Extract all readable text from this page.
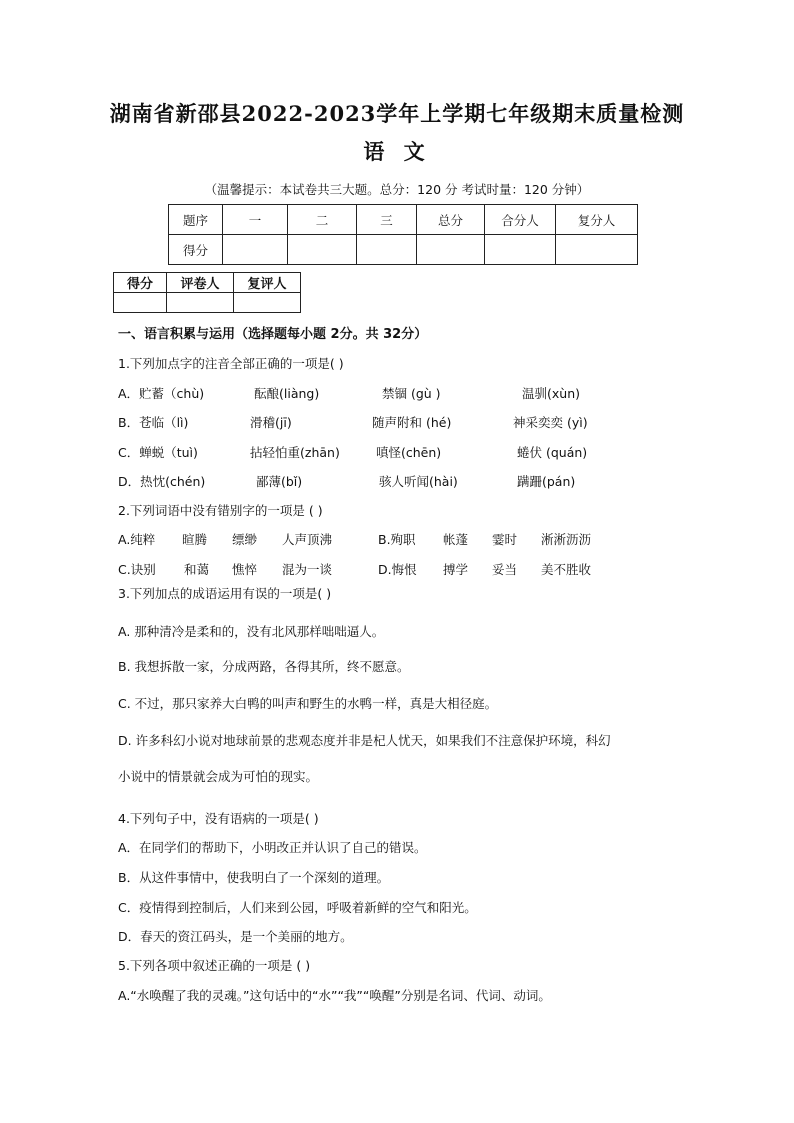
湖南省新邵县2022-2023学年上学期七年级期末质量检测
语 文
（温馨提示：本试卷共三大题。总分：120 分 考试时量：120 分钟）
题序	一	二	三	总分	合分人	复分人
得分						
得分	评卷人	复评人

一、语言积累与运用（选择题每小题 2分。共 32分）
1.下列加点字的注音全部正确的一项是( )
A．贮蓄（chù)	酝酿(liàng)	禁锢 (gù )	温驯(xùn)
B．苍临（lì)	滑稽(jī)	随声附和 (hé)	神采奕奕 (yì)
C．蝉蜕（tuì)	拈轻怕重(zhān)	嗔怪(chēn)	蜷伏 (quán)
D．热忱(chén)	鄙薄(bǐ)	骇人听闻(hài)	蹒跚(pán)
2.下列词语中没有错别字的一项是 ( )
A.纯粹 暄腾 缥缈 人声顶沸	B.殉职 帐蓬 霎时 淅淅沥沥
C.诀别 和蔼 憔悴 混为一谈	D.悔恨 搏学 妥当 美不胜收
3.下列加点的成语运用有误的一项是( )
A. 那种清冷是柔和的，没有北风那样咄咄逼人。
B. 我想拆散一家，分成两路，各得其所，终不愿意。
C. 不过，那只家养大白鸭的叫声和野生的水鸭一样，真是大相径庭。
D. 许多科幻小说对地球前景的悲观态度并非是杞人忧天，如果我们不注意保护环境，科幻
小说中的情景就会成为可怕的现实。
4.下列句子中，没有语病的一项是( )
A．在同学们的帮助下，小明改正并认识了自己的错误。
B．从这件事情中，使我明白了一个深刻的道理。
C．疫情得到控制后，人们来到公园，呼吸着新鲜的空气和阳光。
D．春天的资江码头，是一个美丽的地方。
5.下列各项中叙述正确的一项是 ( )
A.“水唤醒了我的灵魂。”这句话中的“水”“我”“唤醒”分别是名词、代词、动词。
